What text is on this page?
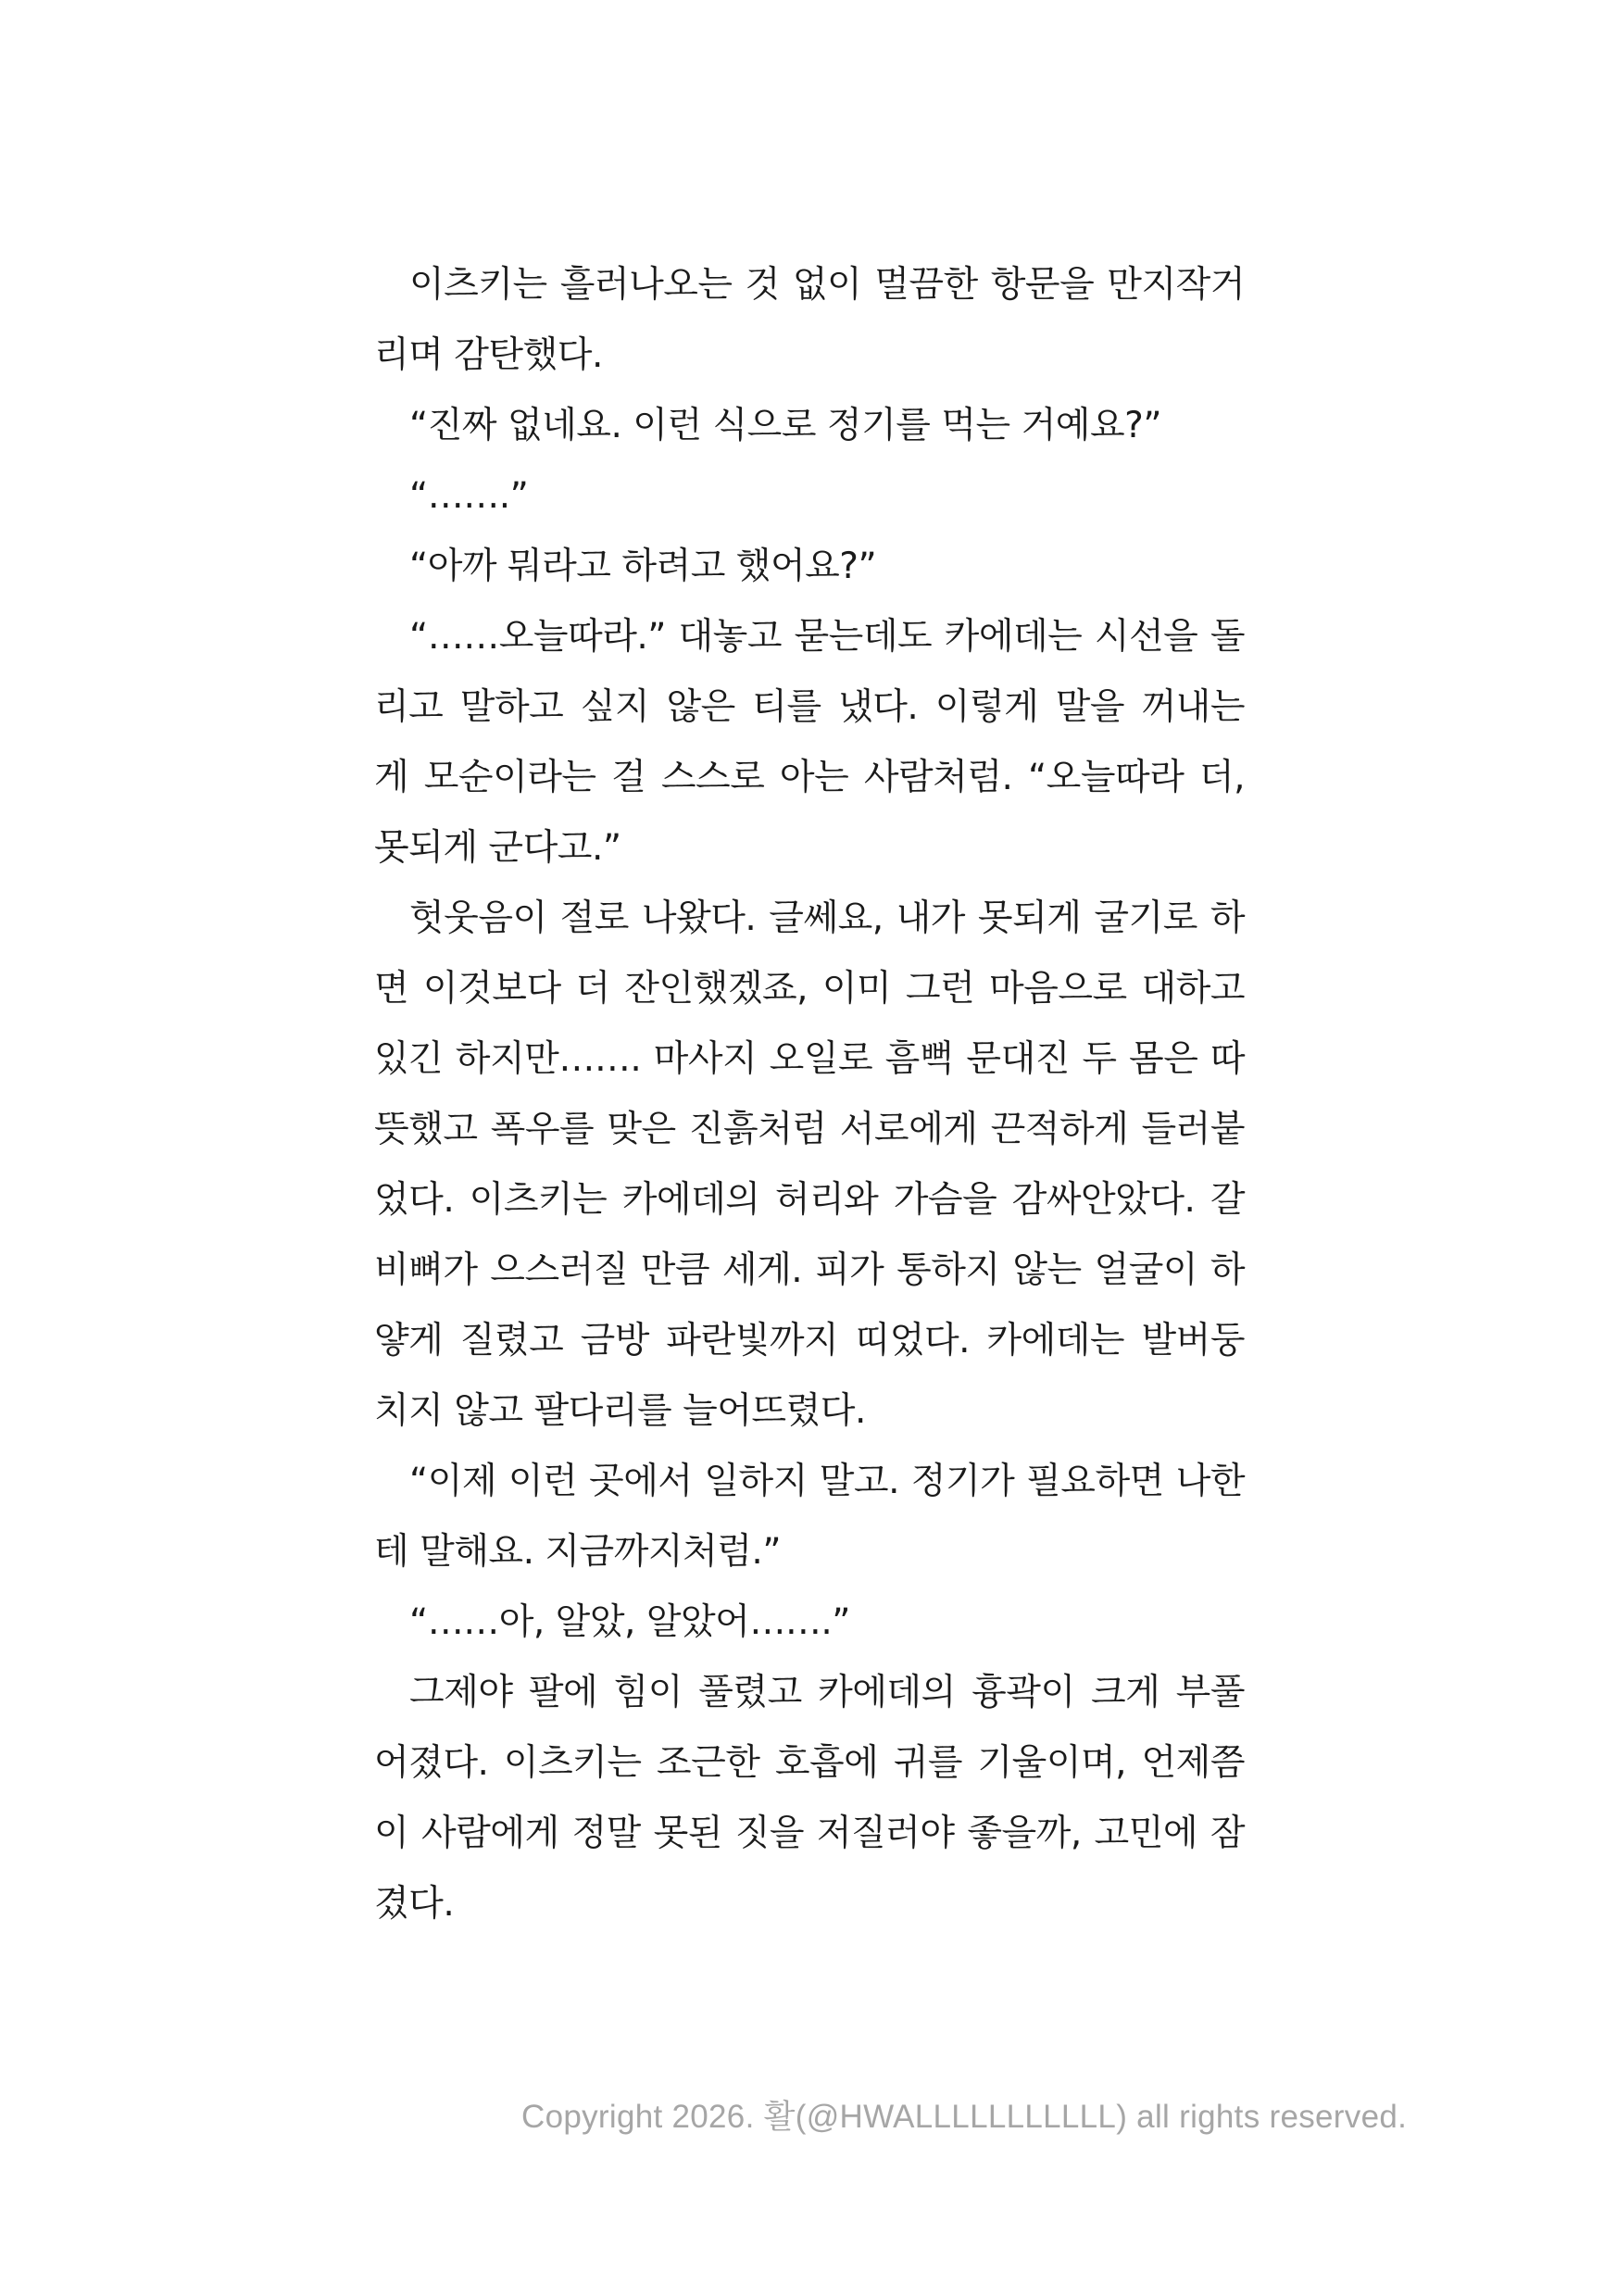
이츠키는 흘러나오는 것 없이 멀끔한 항문을 만지작거
리며 감탄했다.
“진짜 없네요. 이런 식으로 정기를 먹는 거예요?”
“…….”
“아까 뭐라고 하려고 했어요?”
“……오늘따라.” 대놓고 묻는데도 카에데는 시선을 돌
리고 말하고 싶지 않은 티를 냈다. 이렇게 말을 꺼내는
게 모순이라는 걸 스스로 아는 사람처럼. “오늘따라 더,
못되게 군다고.”
헛웃음이 절로 나왔다. 글쎄요, 내가 못되게 굴기로 하
면 이것보다 더 잔인했겠죠, 이미 그런 마음으로 대하고
있긴 하지만……. 마사지 오일로 흠뻑 문대진 두 몸은 따
뜻했고 폭우를 맞은 진흙처럼 서로에게 끈적하게 들러붙
었다. 이츠키는 카에데의 허리와 가슴을 감싸안았다. 갈
비뼈가 으스러질 만큼 세게. 피가 통하지 않는 얼굴이 하
얗게 질렸고 금방 파란빛까지 띠었다. 카에데는 발버둥
치지 않고 팔다리를 늘어뜨렸다.
“이제 이런 곳에서 일하지 말고. 정기가 필요하면 나한
테 말해요. 지금까지처럼.”
“……아, 알았, 알았어…….”
그제야 팔에 힘이 풀렸고 카에데의 흉곽이 크게 부풀
어졌다. 이츠키는 조근한 호흡에 귀를 기울이며, 언제쯤
이 사람에게 정말 못된 짓을 저질러야 좋을까, 고민에 잠
겼다.
Copyright 2026. 활(@HWALLLLLLLLLLL) all rights reserved.
